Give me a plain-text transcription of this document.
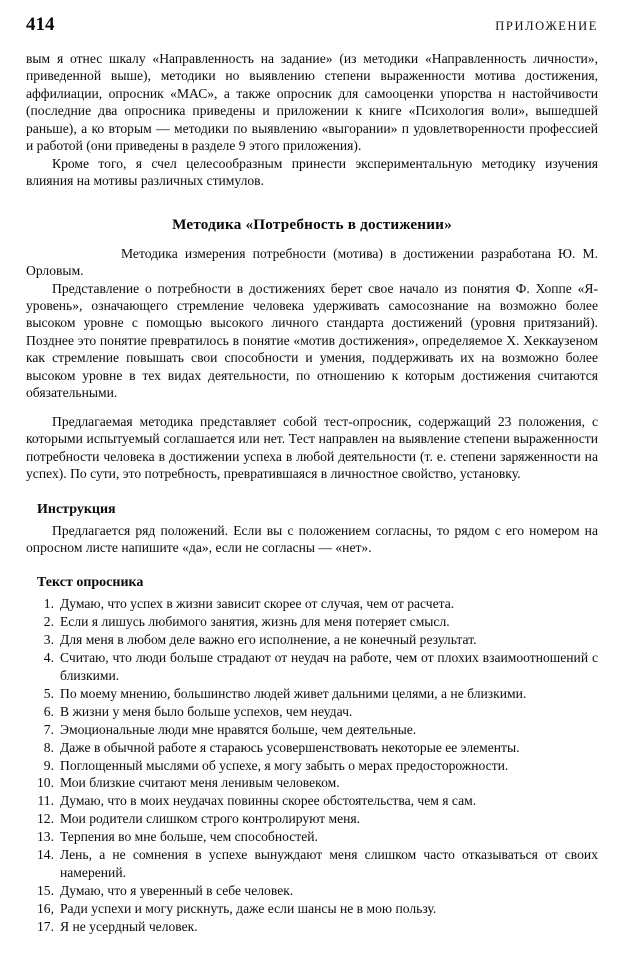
414	ПРИЛОЖЕНИЕ

вым я отнес шкалу «Направленность на задание» (из методики «Направленность личности», приведенной выше), методики но выявлению степени выраженности мотива достижения, аффилиации, опросник «МАС», а также опросник для самооценки упорства н настойчивости (последние два опросника приведены и приложении к книге «Психология воли», вышедшей раньше), а ко вторым — методики по выявлению «выгорании» п удовлетворенности профессией и работой (они приведены в разделе 9 этого приложения).

Кроме того, я счел целесообразным принести экспериментальную методику изучения влияния на мотивы различных стимулов.

Методика «Потребность в достижении»

Методика измерения потребности (мотива) в достижении разработана Ю. М. Орловым.

Представление о потребности в достижениях берет свое начало из понятия Ф. Хоппе «Я-уровень», означающего стремление человека удерживать самосознание на возможно более высоком уровне с помощью высокого личного стандарта достижений (уровня притязаний). Позднее это понятие превратилось в понятие «мотив достижения», определяемое X. Хеккаузеном как стремление повышать свои способности и умения, поддерживать их на возможно более высоком уровне в тех видах деятельности, по отношению к которым достижения считаются обязательными.

Предлагаемая методика представляет собой тест-опросник, содержащий 23 положения, с которыми испытуемый соглашается или нет. Тест направлен на выявление степени выраженности потребности человека в достижении успеха в любой деятельности (т. е. степени заряженности на успех). По сути, это потребность, превратившаяся в личностное свойство, установку.

Инструкция

Предлагается ряд положений. Если вы с положением согласны, то рядом с его номером на опросном листе напишите «да», если не согласны — «нет».

Текст опросника
1. Думаю, что успех в жизни зависит скорее от случая, чем от расчета.
2. Если я лишусь любимого занятия, жизнь для меня потеряет смысл.
3. Для меня в любом деле важно его исполнение, а не конечный результат.
4. Считаю, что люди больше страдают от неудач на работе, чем от плохих взаимоотношений с близкими.
5. По моему мнению, большинство людей живет дальними целями, а не близкими.
6. В жизни у меня было больше успехов, чем неудач.
7. Эмоциональные люди мне нравятся больше, чем деятельные.
8. Даже в обычной работе я стараюсь усовершенствовать некоторые ее элементы.
9. Поглощенный мыслями об успехе, я могу забыть о мерах предосторожности.
10. Мои близкие считают меня ленивым человеком.
11. Думаю, что в моих неудачах повинны скорее обстоятельства, чем я сам.
12. Мои родители слишком строго контролируют меня.
13. Терпения во мне больше, чем способностей.
14. Лень, а не сомнения в успехе вынуждают меня слишком часто отказываться от своих намерений.
15. Думаю, что я уверенный в себе человек.
16, Ради успехи и могу рискнуть, даже если шансы не в мою пользу.
17. Я не усердный человек.
